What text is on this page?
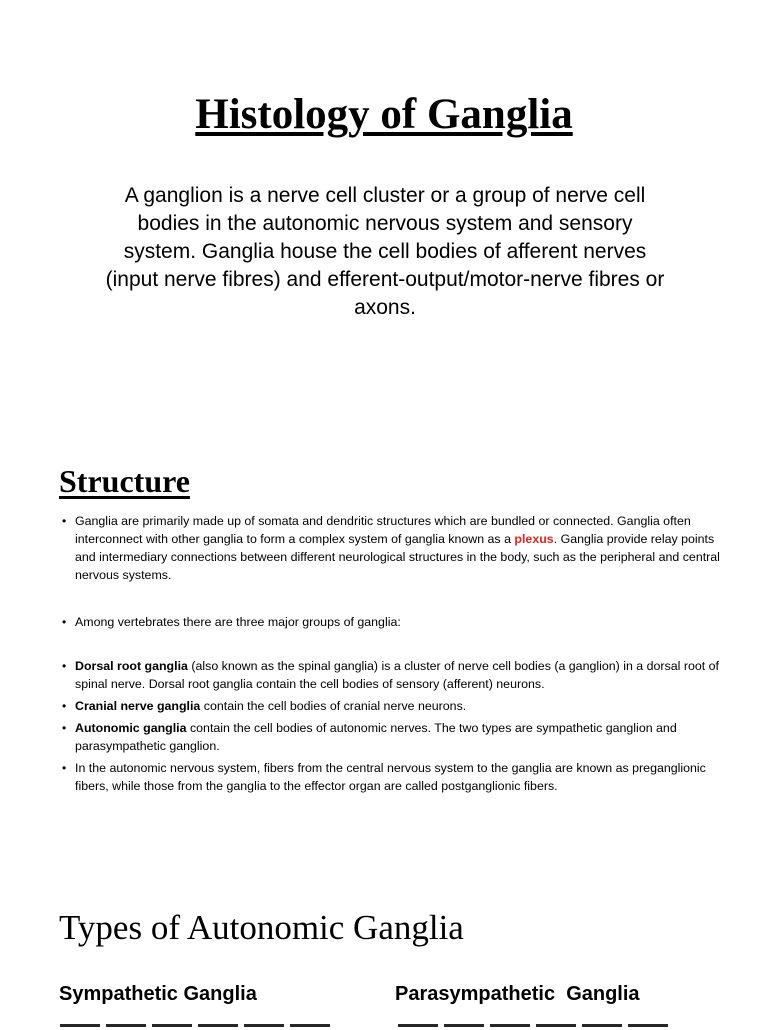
Histology of Ganglia

A ganglion is a nerve cell cluster or a group of nerve cell bodies in the autonomic nervous system and sensory system. Ganglia house the cell bodies of afferent nerves (input nerve fibres) and efferent-output/motor-nerve fibres or axons.

Structure
• Ganglia are primarily made up of somata and dendritic structures which are bundled or connected. Ganglia often interconnect with other ganglia to form a complex system of ganglia known as a plexus. Ganglia provide relay points and intermediary connections between different neurological structures in the body, such as the peripheral and central nervous systems.
• Among vertebrates there are three major groups of ganglia:
• Dorsal root ganglia (also known as the spinal ganglia) is a cluster of nerve cell bodies (a ganglion) in a dorsal root of spinal nerve. Dorsal root ganglia contain the cell bodies of sensory (afferent) neurons.
• Cranial nerve ganglia contain the cell bodies of cranial nerve neurons.
• Autonomic ganglia contain the cell bodies of autonomic nerves. The two types are sympathetic ganglion and parasympathetic ganglion.
• In the autonomic nervous system, fibers from the central nervous system to the ganglia are known as preganglionic fibers, while those from the ganglia to the effector organ are called postganglionic fibers.
Types of Autonomic Ganglia
Sympathetic Ganglia	Parasympathetic  Ganglia
